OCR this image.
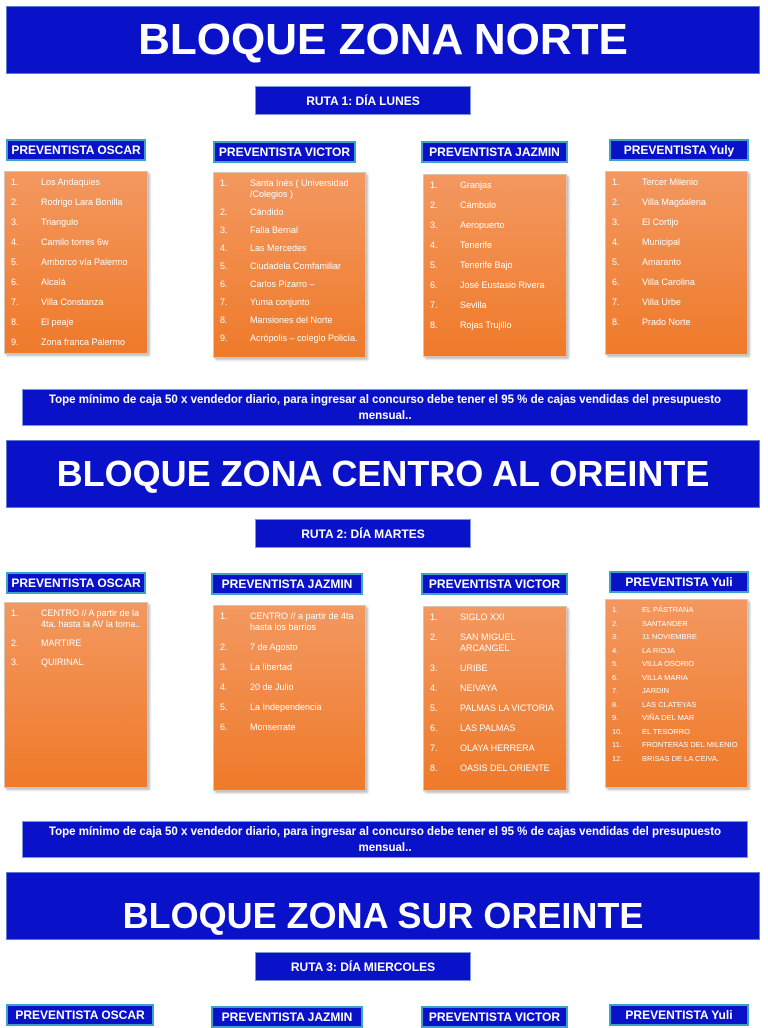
BLOQUE ZONA NORTE
RUTA 1: DÍA LUNES
PREVENTISTA OSCAR	PREVENTISTA VICTOR	PREVENTISTA JAZMIN	PREVENTISTA Yuly
1.	Los Andaquies
2.	Rodrigo Lara Bonilla
3.	Triangulo
4.	Camilo torres 6w
5.	Amborco vía Palermo
6.	Alcalá
7.	Villa Constanza
8.	El peaje
9.	Zona franca Palermo
1.	Santa Inés ( Universidad /Colegios )
2.	Cándido
3.	Falla Bernal
4.	Las Mercedes
5.	Ciudadela Comfamiliar
6.	Carlos Pizarro –
7.	Yuma conjunto
8.	Mansiones del Norte
9.	Acrópolis – colegio Policía.
1.	Granjas
2.	Cámbulo
3.	Aeropuerto
4.	Tenerife
5.	Tenerife Bajo
6.	José Eustasio Rivera
7.	Sevilla
8.	Rojas Trujillo
1.	Tercer Milenio
2.	Villa Magdalena
3.	El Cortijo
4.	Municipal
5.	Amaranto
6.	Villa Carolina
7.	Villa Urbe
8.	Prado Norte
Tope mínimo de caja 50 x vendedor diario, para ingresar al concurso debe tener el 95 % de cajas vendidas del presupuesto mensual..
BLOQUE ZONA CENTRO AL OREINTE
RUTA 2: DÍA MARTES
PREVENTISTA OSCAR	PREVENTISTA JAZMIN	PREVENTISTA VICTOR	PREVENTISTA Yuli
1.	CENTRO // A partir de la 4ta. hasta la AV la toma..
2.	MARTIRE
3.	QUIRINAL
1.	CENTRO // a partir de 4ta hasta los barrios
2.	7 de Agosto
3.	La libertad
4.	20 de Julio
5.	La Independencia
6.	Monserrate
1.	SIGLO XXI
2.	SAN MIGUEL ARCANGEL
3.	URIBE
4.	NEIVAYA
5.	PALMAS LA VICTORIA
6.	LAS PALMAS
7.	OLAYA HERRERA
8.	OASIS DEL ORIENTE
1.	EL PÁSTRANA
2.	SANTANDER
3.	11 NOVIEMBRE
4.	LA RIOJA
5.	VILLA OSORIO
6.	VILLA MARIA
7.	JARDIN
8.	LAS CLATEYAS
9.	VIÑA DEL MAR
10.	EL TESORRO
11.	FRONTERAS DEL MILENIO
12.	BRISAS DE LA CEIVA.
Tope mínimo de caja 50 x vendedor diario, para ingresar al concurso debe tener el 95 % de cajas vendidas del presupuesto mensual..
BLOQUE ZONA SUR OREINTE
RUTA 3: DÍA MIERCOLES
PREVENTISTA OSCAR	PREVENTISTA JAZMIN	PREVENTISTA VICTOR	PREVENTISTA Yuli
